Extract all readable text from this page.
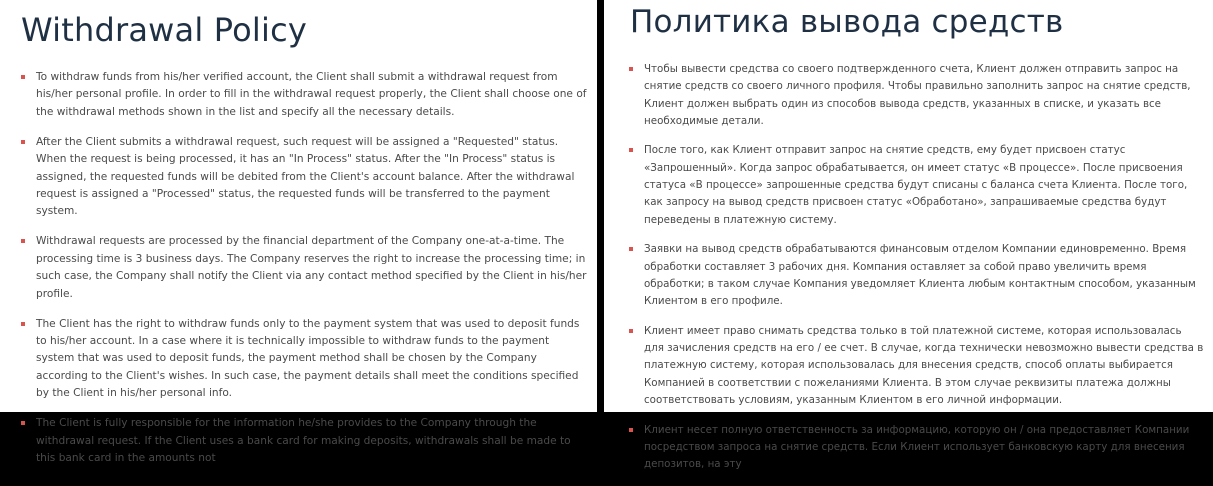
Withdrawal Policy
To withdraw funds from his/her verified account, the Client shall submit a withdrawal request from his/her personal profile. In order to fill in the withdrawal request properly, the Client shall choose one of the withdrawal methods shown in the list and specify all the necessary details.
After the Client submits a withdrawal request, such request will be assigned a "Requested" status. When the request is being processed, it has an "In Process" status. After the "In Process" status is assigned, the requested funds will be debited from the Client's account balance. After the withdrawal request is assigned a "Processed" status, the requested funds will be transferred to the payment system.
Withdrawal requests are processed by the financial department of the Company one-at-a-time. The processing time is 3 business days. The Company reserves the right to increase the processing time; in such case, the Company shall notify the Client via any contact method specified by the Client in his/her profile.
The Client has the right to withdraw funds only to the payment system that was used to deposit funds to his/her account. In a case where it is technically impossible to withdraw funds to the payment system that was used to deposit funds, the payment method shall be chosen by the Company according to the Client's wishes. In such case, the payment details shall meet the conditions specified by the Client in his/her personal info.
The Client is fully responsible for the information he/she provides to the Company through the withdrawal request. If the Client uses a bank card for making deposits, withdrawals shall be made to this bank card in the amounts not
Политика вывода средств
Чтобы вывести средства со своего подтвержденного счета, Клиент должен отправить запрос на снятие средств со своего личного профиля. Чтобы правильно заполнить запрос на снятие средств, Клиент должен выбрать один из способов вывода средств, указанных в списке, и указать все необходимые детали.
После того, как Клиент отправит запрос на снятие средств, ему будет присвоен статус «Запрошенный». Когда запрос обрабатывается, он имеет статус «В процессе». После присвоения статуса «В процессе» запрошенные средства будут списаны с баланса счета Клиента. После того, как запросу на вывод средств присвоен статус «Обработано», запрашиваемые средства будут переведены в платежную систему.
Заявки на вывод средств обрабатываются финансовым отделом Компании единовременно. Время обработки составляет 3 рабочих дня. Компания оставляет за собой право увеличить время обработки; в таком случае Компания уведомляет Клиента любым контактным способом, указанным Клиентом в его профиле.
Клиент имеет право снимать средства только в той платежной системе, которая использовалась для зачисления средств на его / ее счет. В случае, когда технически невозможно вывести средства в платежную систему, которая использовалась для внесения средств, способ оплаты выбирается Компанией в соответствии с пожеланиями Клиента. В этом случае реквизиты платежа должны соответствовать условиям, указанным Клиентом в его личной информации.
Клиент несет полную ответственность за информацию, которую он / она предоставляет Компании посредством запроса на снятие средств. Если Клиент использует банковскую карту для внесения депозитов, на эту
